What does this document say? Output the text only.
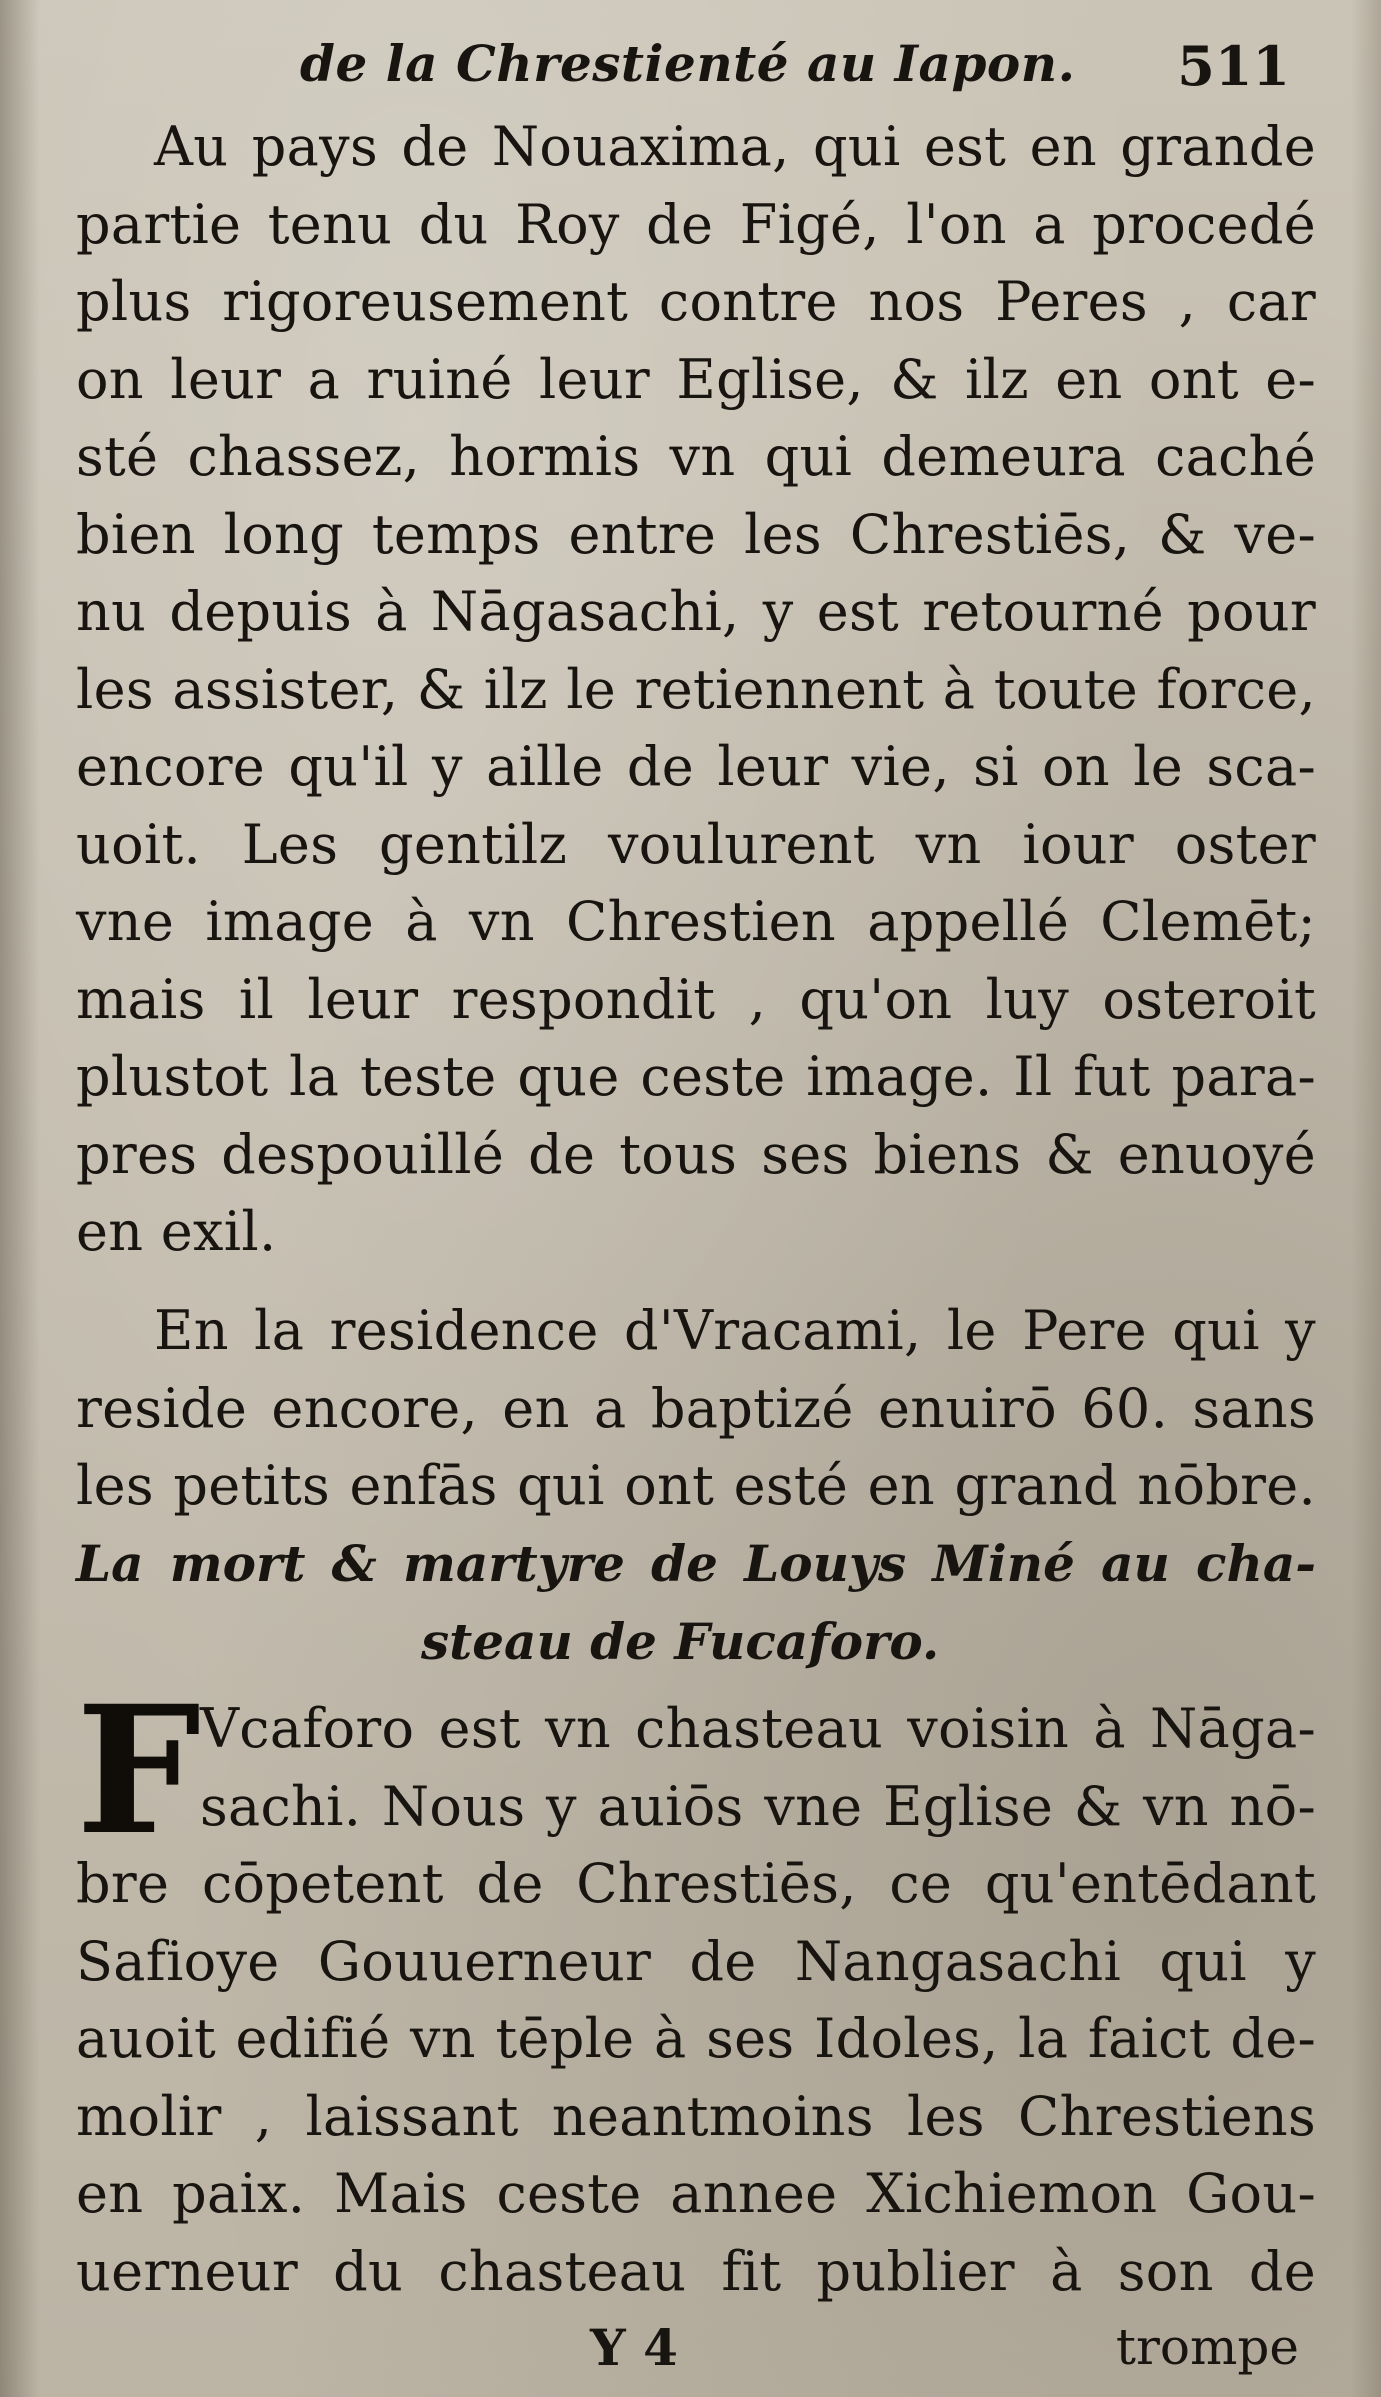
de la Chrestienté au Iapon. 511
Au pays de Nouaxima, qui est en grande
partie tenu du Roy de Figé, l'on a procedé
plus rigoreusement contre nos Peres , car
on leur a ruiné leur Eglise, & ilz en ont e-
sté chassez, hormis vn qui demeura caché
bien long temps entre les Chrestiēs, & ve-
nu depuis à Nāgasachi, y est retourné pour
les assister, & ilz le retiennent à toute force,
encore qu'il y aille de leur vie, si on le sca-
uoit. Les gentilz voulurent vn iour oster
vne image à vn Chrestien appellé Clemēt;
mais il leur respondit , qu'on luy osteroit
plustot la teste que ceste image. Il fut para-
pres despouillé de tous ses biens & enuoyé
en exil.
En la residence d'Vracami, le Pere qui y
reside encore, en a baptizé enuirō 60. sans
les petits enfās qui ont esté en grand nōbre.
La mort & martyre de Louys Miné au cha-
steau de Fucaforo.
F Vcaforo est vn chasteau voisin à Nāga-
sachi. Nous y auiōs vne Eglise & vn nō-
bre cōpetent de Chrestiēs, ce qu'entēdant
Safioye Gouuerneur de Nangasachi qui y
auoit edifié vn tēple à ses Idoles, la faict de-
molir , laissant neantmoins les Chrestiens
en paix. Mais ceste annee Xichiemon Gou-
uerneur du chasteau fit publier à son de
Y 4	trompe
